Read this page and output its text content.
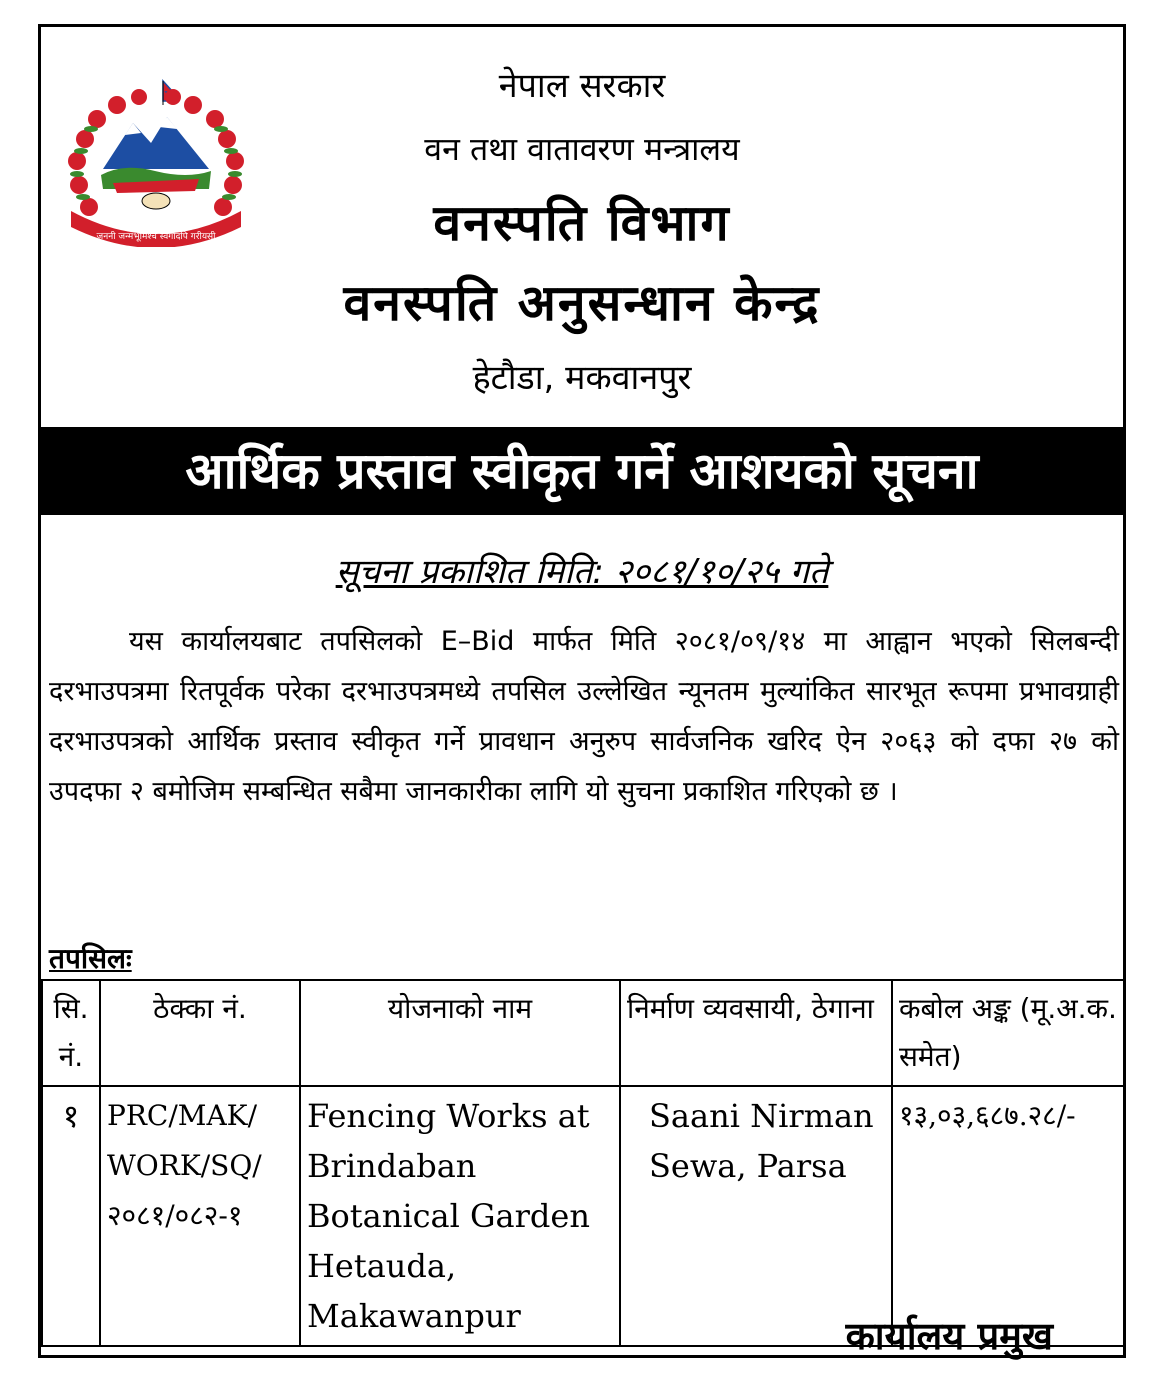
जननी जन्मभूमिश्च स्वर्गादपि गरीयसी
नेपाल सरकार
वन तथा वातावरण मन्त्रालय
वनस्पति विभाग
वनस्पति अनुसन्धान केन्द्र
हेटौडा, मकवानपुर
आर्थिक प्रस्ताव स्वीकृत गर्ने आशयको सूचना
सूचना प्रकाशित मिति: २०८१/१०/२५ गते

यस कार्यालयबाट तपसिलको E–Bid मार्फत मिति २०८१/०९/१४ मा आह्वान भएको सिलबन्दी दरभाउपत्रमा रितपूर्वक परेका दरभाउपत्रमध्ये तपसिल उल्लेखित न्यूनतम मुल्यांकित सारभूत रूपमा प्रभावग्राही दरभाउपत्रको आर्थिक प्रस्ताव स्वीकृत गर्ने प्रावधान अनुरुप सार्वजनिक खरिद ऐन २०६३ को दफा २७ को उपदफा २ बमोजिम सम्बन्धित सबैमा जानकारीका लागि यो सुचना प्रकाशित गरिएको छ ।

तपसिलः
सि. नं.	ठेक्का नं.	योजनाको नाम	निर्माण व्यवसायी, ठेगाना	कबोल अङ्क (मू.अ.क. समेत)
१	PRC/MAK/ WORK/SQ/ २०८१/०८२-१	Fencing Works at Brindaban Botanical Garden Hetauda, Makawanpur	Saani Nirman Sewa, Parsa	१३,०३,६८७.२८/-
कार्यालय प्रमुख
